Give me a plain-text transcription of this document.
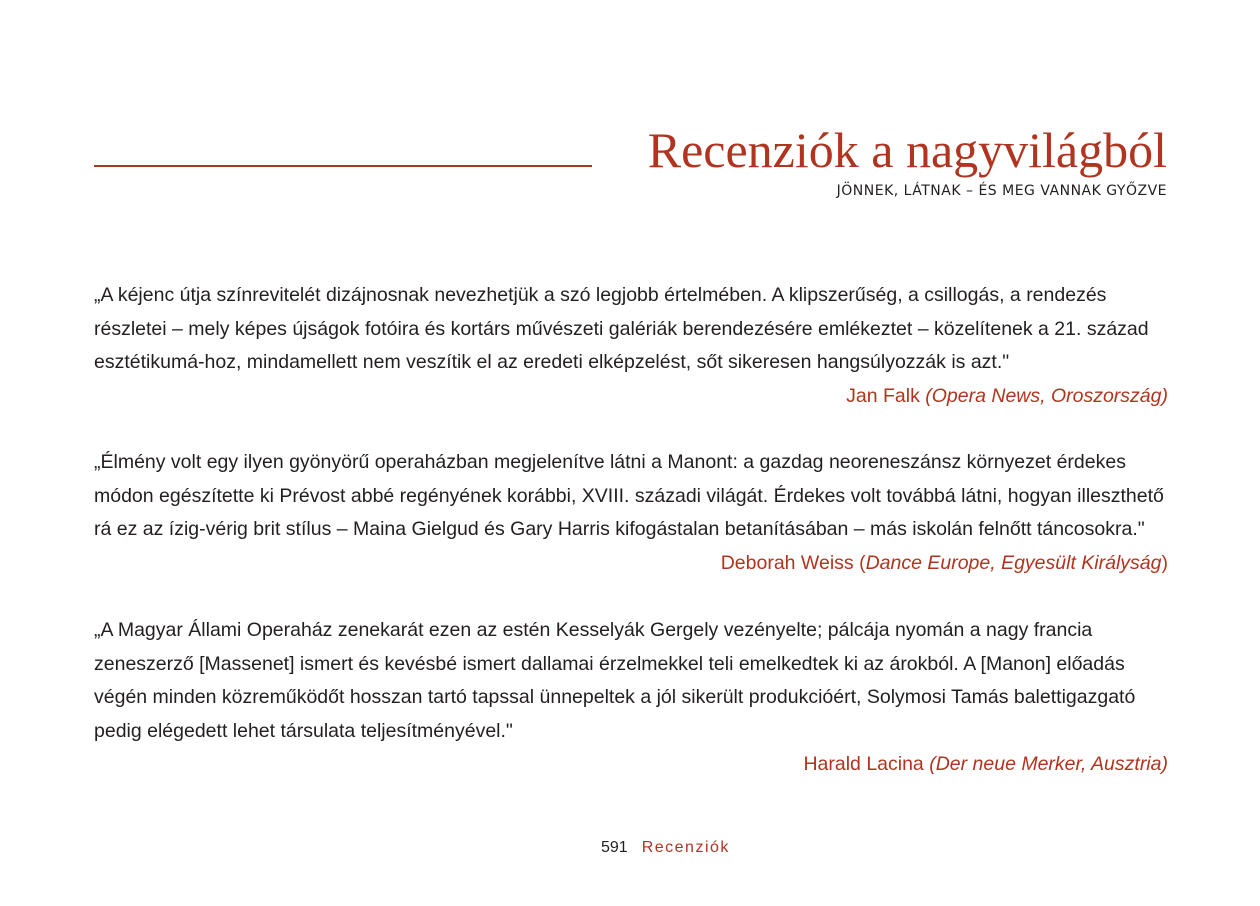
Recenziók a nagyvilágból
JÖNNEK, LÁTNAK – ÉS MEG VANNAK GYŐZVE

„A kéjenc útja színrevitelét dizájnosnak nevezhetjük a szó legjobb értelmében. A klipszerűség, a csillogás, a rendezés részletei – mely képes újságok fotóira és kortárs művészeti galériák berendezésére emlékeztet – közelítenek a 21. század esztétikumá-hoz, mindamellett nem veszítik el az eredeti elképzelést, sőt sikeresen hangsúlyozzák is azt."

Jan Falk (Opera News, Oroszország)

„Élmény volt egy ilyen gyönyörű operaházban megjelenítve látni a Manont: a gazdag neoreneszánsz környezet érdekes módon egészítette ki Prévost abbé regényének korábbi, XVIII. századi világát. Érdekes volt továbbá látni, hogyan illeszthető rá ez az ízig-vérig brit stílus – Maina Gielgud és Gary Harris kifogástalan betanításában – más iskolán felnőtt táncosokra."

Deborah Weiss (Dance Europe, Egyesült Királyság)

„A Magyar Állami Operaház zenekarát ezen az estén Kesselyák Gergely vezényelte; pálcája nyomán a nagy francia zeneszerző [Massenet] ismert és kevésbé ismert dallamai érzelmekkel teli emelkedtek ki az árokból. A [Manon] előadás végén minden közreműködőt hosszan tartó tapssal ünnepeltek a jól sikerült produkcióért, Solymosi Tamás balettigazgató pedig elégedett lehet társulata teljesítményével."

Harald Lacina (Der neue Merker, Ausztria)
591 Recenziók
